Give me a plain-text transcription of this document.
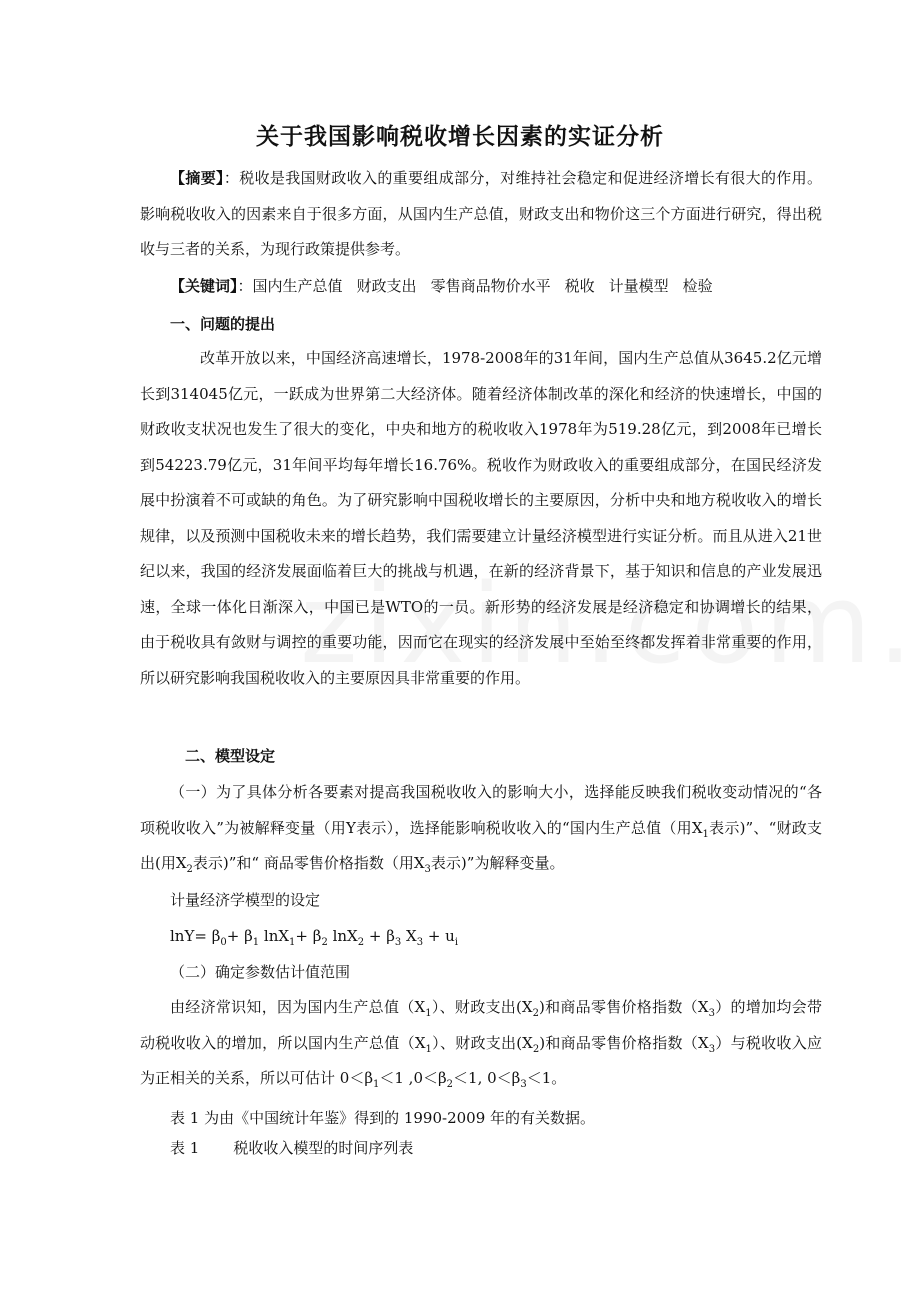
关于我国影响税收增长因素的实证分析

【摘要】：税收是我国财政收入的重要组成部分，对维持社会稳定和促进经济增长有很大的作用。影响税收收入的因素来自于很多方面，从国内生产总值，财政支出和物价这三个方面进行研究，得出税收与三者的关系，为现行政策提供参考。

【关键词】：国内生产总值 财政支出 零售商品物价水平 税收 计量模型 检验

一、问题的提出

改革开放以来，中国经济高速增长，1978-2008年的31年间，国内生产总值从3645.2亿元增长到314045亿元，一跃成为世界第二大经济体。随着经济体制改革的深化和经济的快速增长，中国的财政收支状况也发生了很大的变化，中央和地方的税收收入1978年为519.28亿元，到2008年已增长到54223.79亿元，31年间平均每年增长16.76%。税收作为财政收入的重要组成部分，在国民经济发展中扮演着不可或缺的角色。为了研究影响中国税收增长的主要原因，分析中央和地方税收收入的增长规律，以及预测中国税收未来的增长趋势，我们需要建立计量经济模型进行实证分析。而且从进入21世纪以来，我国的经济发展面临着巨大的挑战与机遇，在新的经济背景下，基于知识和信息的产业发展迅速，全球一体化日渐深入，中国已是WTO的一员。新形势的经济发展是经济稳定和协调增长的结果，由于税收具有敛财与调控的重要功能，因而它在现实的经济发展中至始至终都发挥着非常重要的作用，所以研究影响我国税收收入的主要原因具非常重要的作用。

二、模型设定

（一）为了具体分析各要素对提高我国税收收入的影响大小，选择能反映我们税收变动情况的“各项税收收入”为被解释变量（用Y表示），选择能影响税收收入的“国内生产总值（用$X_1$表示)”、“财政支出(用$X_2$表示)”和“ 商品零售价格指数（用$X_3$表示)”为解释变量。

计量经济学模型的设定

$\ln Y= \beta_0+ \beta_1$ $\ln X_1+ \beta_2$ $\ln X_2 + \beta_3$ $X_3 + u_i$

（二）确定参数估计值范围

由经济常识知，因为国内生产总值$(X_1)$、财政支出$(X_2)$和商品零售价格指数$(X_3)$的增加均会带动税收收入的增加，所以国内生产总值$(X_1)$、财政支出$(X_2)$和商品零售价格指数$(X_3)$与税收收入应为正相关的关系，所以可估计 $0<\beta_1<1$ $,0<\beta_2<1$, $0<\beta_3<1$。

表 1 为由《中国统计年鉴》得到的 1990-2009 年的有关数据。

表 1 税收收入模型的时间序列表
